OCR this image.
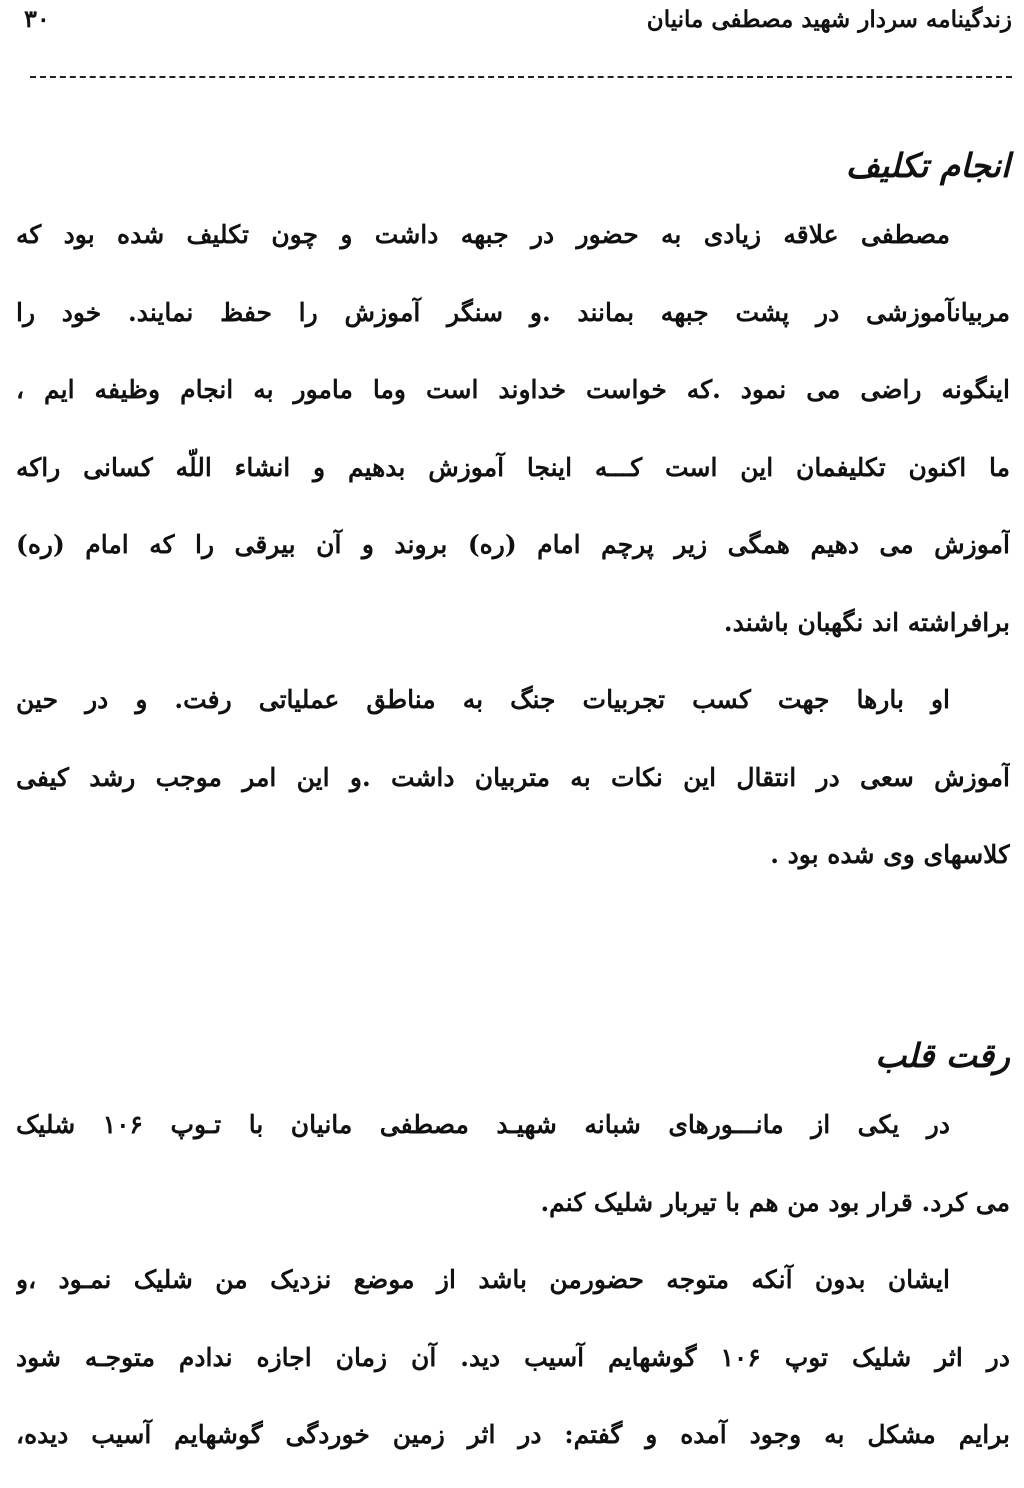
۳۰	زندگینامه سردار شهید مصطفی مانیان
انجام تکلیف
مصطفی علاقه زیادی به حضور در جبهه داشت و چون تکلیف شده بود که
مربیانآموزشی در پشت جبهه بمانند .و سنگر آموزش را حفظ نمایند. خود را
اینگونه راضی می نمود .که خواست خداوند است وما مامور به انجام وظیفه ایم ،
ما اکنون تکلیفمان این است کـــه اینجا آموزش بدهیم و انشاء اللّه کسانی راکه
آموزش می دهیم همگی زیر پرچم امام (ره) بروند و آن بیرقی را که امام (ره)
برافراشته اند نگهبان باشند.
او بارها جهت کسب تجربیات جنگ به مناطق عملیاتی رفت. و در حین
آموزش سعی در انتقال این نکات به متربیان داشت .و این امر موجب رشد کیفی
کلاسهای وی شده بود .
رقت قلب
در یکی از مانـــورهای شبانه شهیـد مصطفی مانیان با تـوپ ۱۰۶ شلیک
می کرد. قرار بود من هم با تیربار شلیک کنم.
ایشان بدون آنکه متوجه حضورمن باشد از موضع نزدیک من شلیک نمـود ،و
در اثر شلیک توپ ۱۰۶ گوشهایم آسیب دید. آن زمان اجازه ندادم متوجـه شود
برایم مشکل به وجود آمده و گفتم: در اثر زمین خوردگی گوشهایم آسیب دیده،
